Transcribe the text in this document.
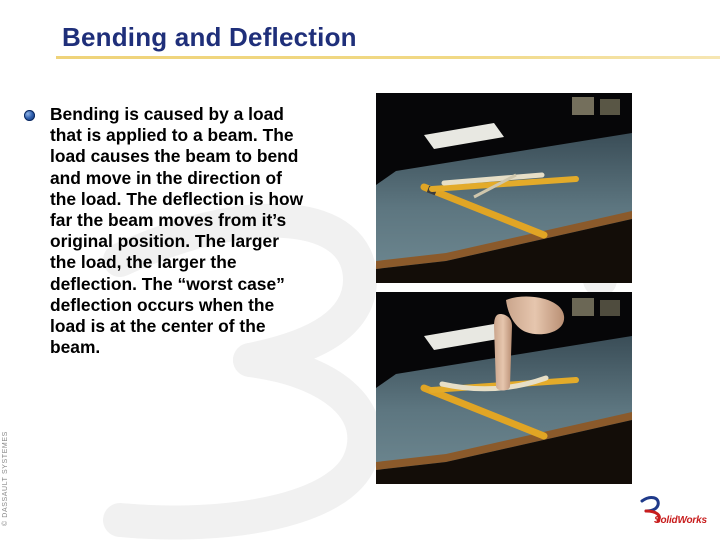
Bending and Deflection
Bending is caused by a load
that is applied to a beam. The
load causes the beam to bend
and move in the direction of
the load. The deflection is how
far the beam moves from it’s
original position. The larger
the load, the larger the
deflection. The “worst case”
deflection occurs when the
load is at the center of the
beam.
© DASSAULT SYSTEMES	SolidWorks
